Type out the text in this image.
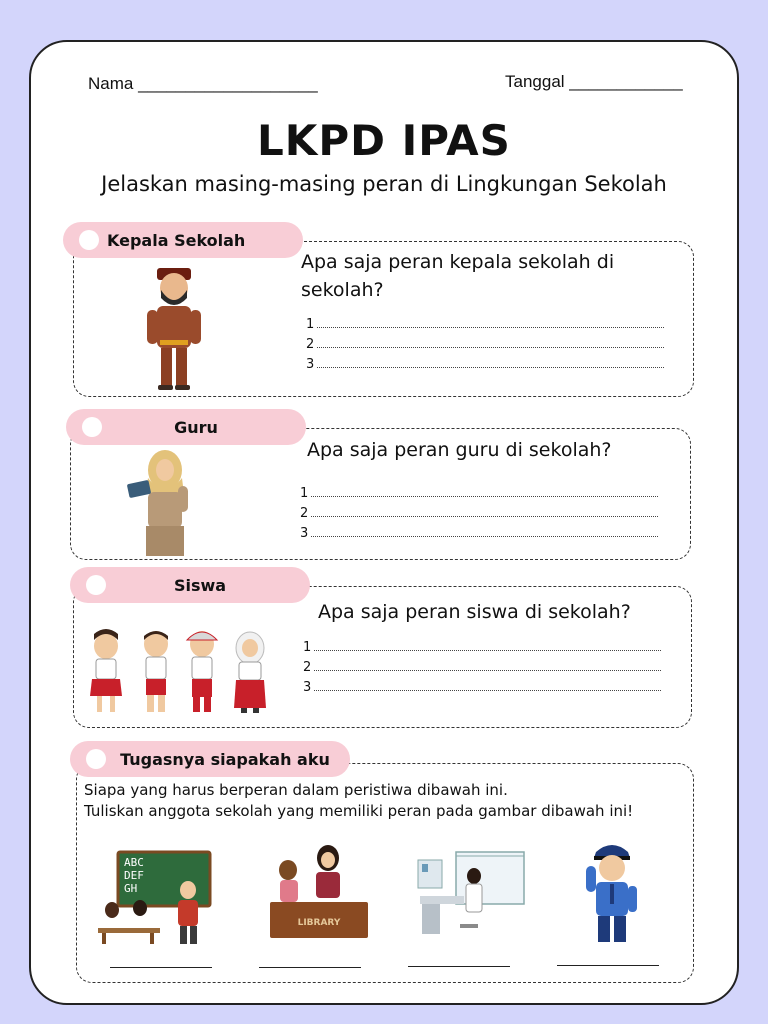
Nama ___________________	Tanggal ____________
LKPD IPAS
Jelaskan masing-masing peran di Lingkungan Sekolah
Kepala Sekolah
Apa saja peran kepala sekolah di sekolah?
1
2
3
Guru
Apa saja peran guru di sekolah?
1
2
3
Siswa
Apa saja peran siswa di sekolah?
1
2
3
Tugasnya siapakah aku
Siapa yang harus berperan dalam peristiwa dibawah ini.
Tuliskan anggota sekolah yang memiliki peran pada gambar dibawah ini!
ABC
DEF
GH
LIBRARY
